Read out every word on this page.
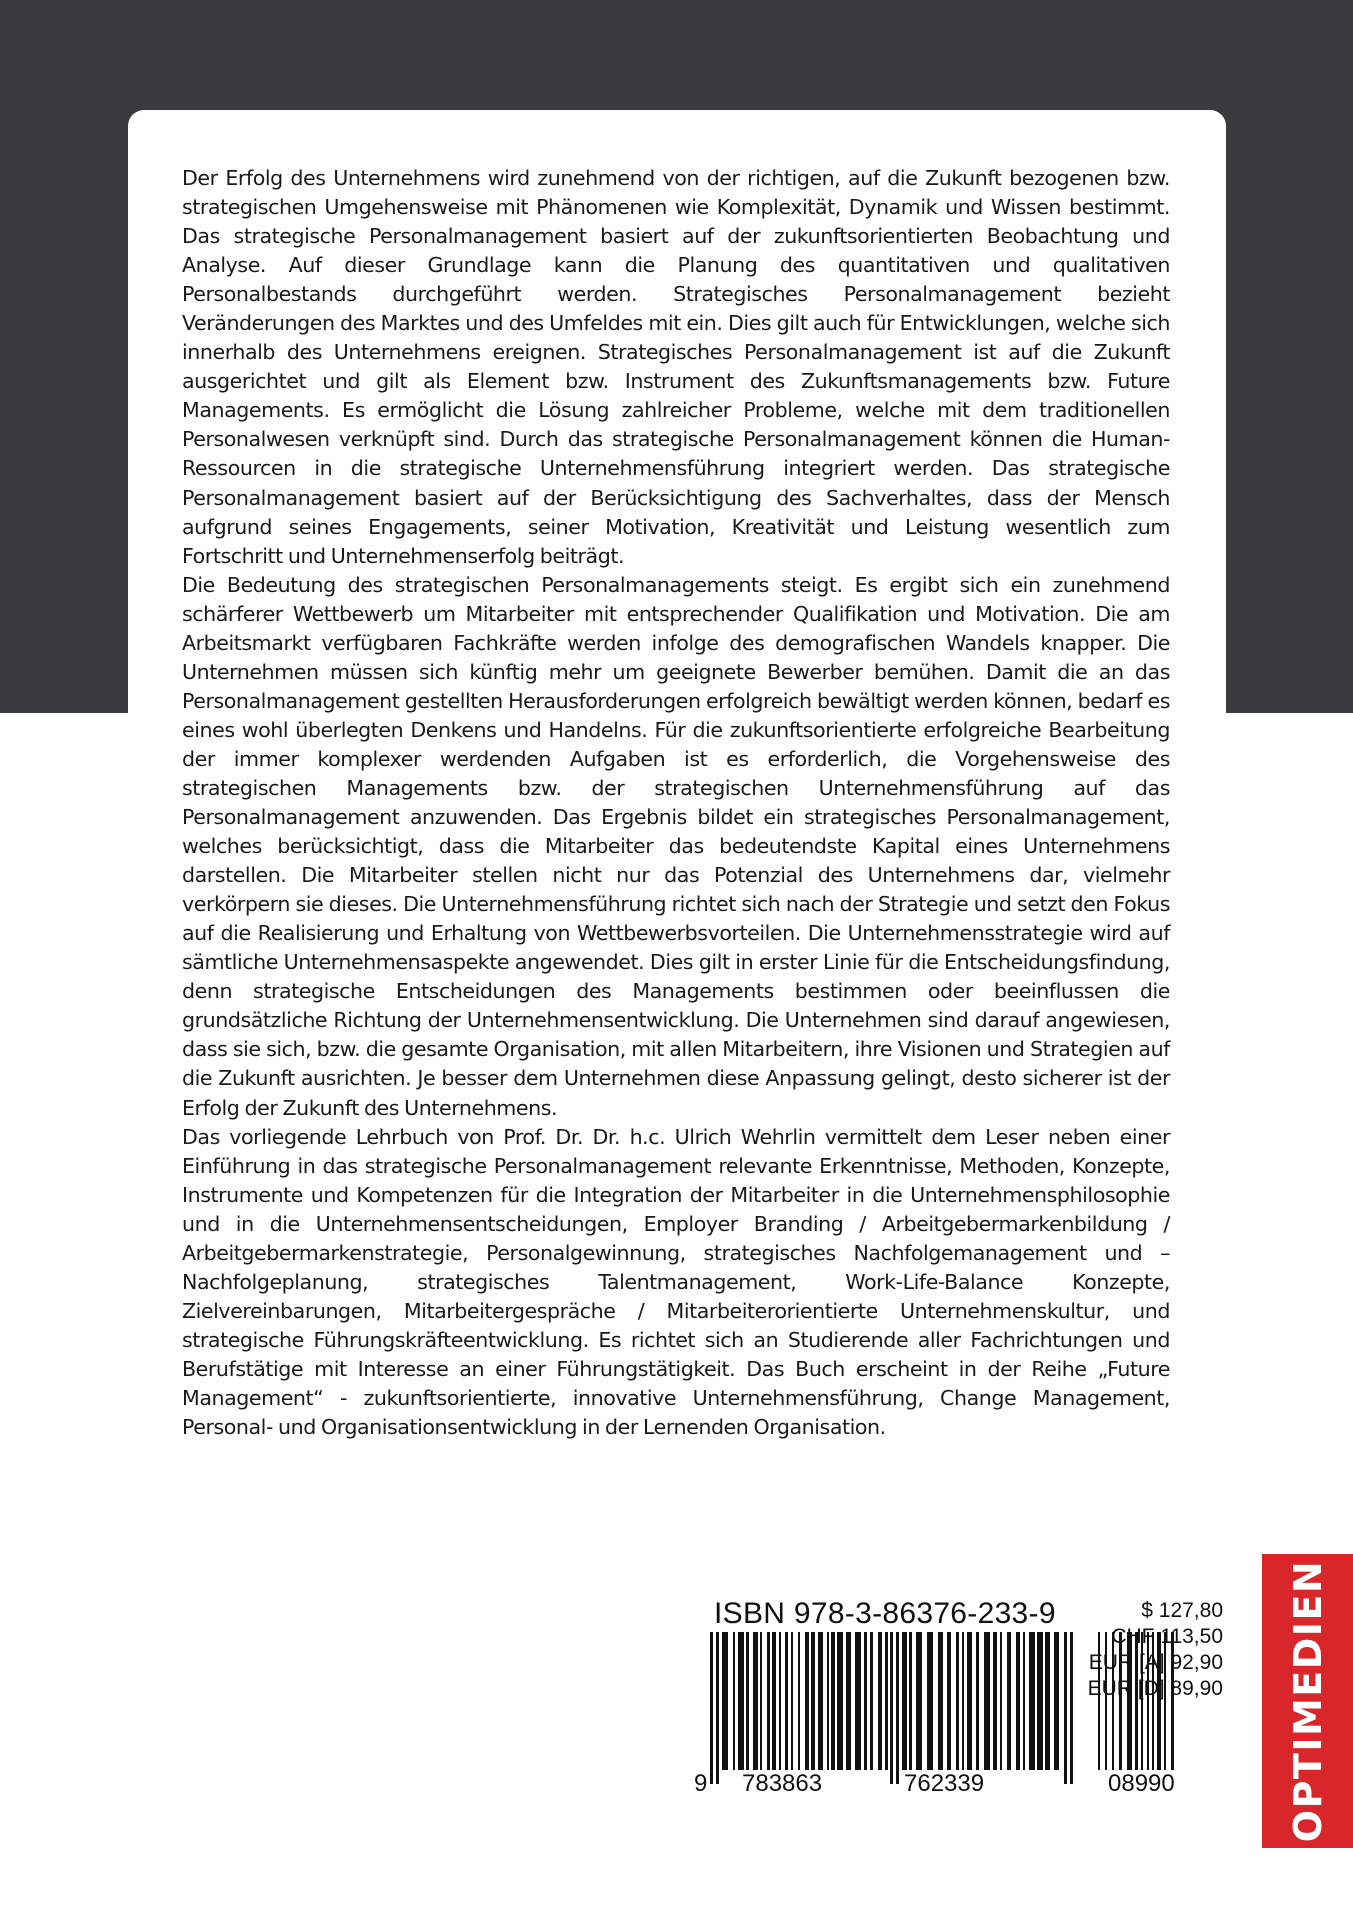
Der Erfolg des Unternehmens wird zunehmend von der richtigen, auf die Zukunft bezogenen bzw. strategischen Umgehensweise mit Phänomenen wie Komplexität, Dynamik und Wissen bestimmt. Das strategische Personalmanagement basiert auf der zukunftsorientierten Beobachtung und Analyse. Auf dieser Grundlage kann die Planung des quantitativen und qualitativen Personalbestands durchgeführt werden. Strategisches Personalmanagement bezieht Veränderungen des Marktes und des Umfeldes mit ein. Dies gilt auch für Entwicklungen, welche sich innerhalb des Unternehmens ereignen. Strategisches Personalmanagement ist auf die Zukunft ausgerichtet und gilt als Element bzw. Instrument des Zukunftsmanagements bzw. Future Managements. Es ermöglicht die Lösung zahlreicher Probleme, welche mit dem traditionellen Personalwesen verknüpft sind. Durch das strategische Personalmanagement können die Human-Ressourcen in die strategische Unternehmensführung integriert werden. Das strategische Personalmanagement basiert auf der Berücksichtigung des Sachverhaltes, dass der Mensch aufgrund seines Engagements, seiner Motivation, Kreativität und Leistung wesentlich zum Fortschritt und Unternehmenserfolg beiträgt.

Die Bedeutung des strategischen Personalmanagements steigt. Es ergibt sich ein zunehmend schärferer Wettbewerb um Mitarbeiter mit entsprechender Qualifikation und Motivation. Die am Arbeitsmarkt verfügbaren Fachkräfte werden infolge des demografischen Wandels knapper. Die Unternehmen müssen sich künftig mehr um geeignete Bewerber bemühen. Damit die an das Personalmanagement gestellten Herausforderungen erfolgreich bewältigt werden können, bedarf es eines wohl überlegten Denkens und Handelns. Für die zukunftsorientierte erfolgreiche Bearbeitung der immer komplexer werdenden Aufgaben ist es erforderlich, die Vorgehensweise des strategischen Managements bzw. der strategischen Unternehmensführung auf das Personalmanagement anzuwenden. Das Ergebnis bildet ein strategisches Personalmanagement, welches berücksichtigt, dass die Mitarbeiter das bedeutendste Kapital eines Unternehmens darstellen. Die Mitarbeiter stellen nicht nur das Potenzial des Unternehmens dar, vielmehr verkörpern sie dieses. Die Unternehmensführung richtet sich nach der Strategie und setzt den Fokus auf die Realisierung und Erhaltung von Wettbewerbsvorteilen. Die Unternehmensstrategie wird auf sämtliche Unternehmensaspekte angewendet. Dies gilt in erster Linie für die Entscheidungsfindung, denn strategische Entscheidungen des Managements bestimmen oder beeinflussen die grundsätzliche Richtung der Unternehmensentwicklung. Die Unternehmen sind darauf angewiesen, dass sie sich, bzw. die gesamte Organisation, mit allen Mitarbeitern, ihre Visionen und Strategien auf die Zukunft ausrichten. Je besser dem Unternehmen diese Anpassung gelingt, desto sicherer ist der Erfolg der Zukunft des Unternehmens.

Das vorliegende Lehrbuch von Prof. Dr. Dr. h.c. Ulrich Wehrlin vermittelt dem Leser neben einer Einführung in das strategische Personalmanagement relevante Erkenntnisse, Methoden, Konzepte, Instrumente und Kompetenzen für die Integration der Mitarbeiter in die Unternehmensphilosophie und in die Unternehmensentscheidungen, Employer Branding / Arbeitgebermarkenbildung / Arbeitgebermarkenstrategie, Personalgewinnung, strategisches Nachfolgemanagement und –Nachfolgeplanung, strategisches Talentmanagement, Work-Life-Balance Konzepte, Zielvereinbarungen, Mitarbeitergespräche / Mitarbeiterorientierte Unternehmenskultur, und strategische Führungskräfteentwicklung. Es richtet sich an Studierende aller Fachrichtungen und Berufstätige mit Interesse an einer Führungstätigkeit. Das Buch erscheint in der Reihe „Future Management“ - zukunftsorientierte, innovative Unternehmensführung, Change Management, Personal- und Organisationsentwicklung in der Lernenden Organisation.

ISBN 978-3-86376-233-9
9 783863	762339	08990
$ 127,80
CHF 113,50
EUR [A] 92,90
EUR [D] 89,90 OPTIMEDIEN
